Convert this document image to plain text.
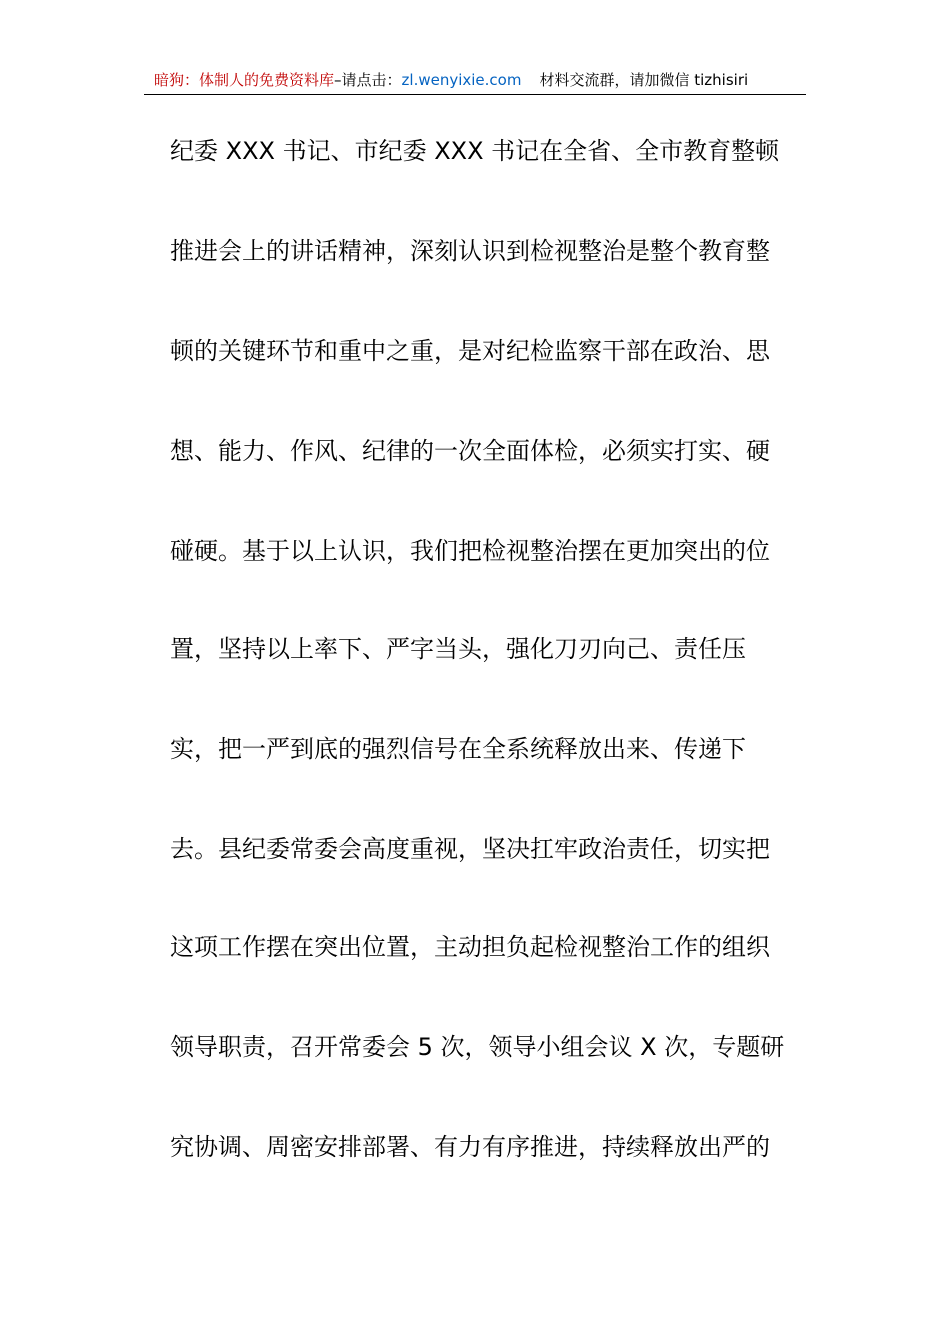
暗狗：体制人的免费资料库–请点击：zl.wenyixie.com 材料交流群，请加微信 tizhisiri
纪委 XXX 书记、市纪委 XXX 书记在全省、全市教育整顿
推进会上的讲话精神，深刻认识到检视整治是整个教育整
顿的关键环节和重中之重，是对纪检监察干部在政治、思
想、能力、作风、纪律的一次全面体检，必须实打实、硬
碰硬。基于以上认识，我们把检视整治摆在更加突出的位
置，坚持以上率下、严字当头，强化刀刃向己、责任压
实，把一严到底的强烈信号在全系统释放出来、传递下
去。县纪委常委会高度重视，坚决扛牢政治责任，切实把
这项工作摆在突出位置，主动担负起检视整治工作的组织
领导职责，召开常委会 5 次，领导小组会议 X 次，专题研
究协调、周密安排部署、有力有序推进，持续释放出严的
